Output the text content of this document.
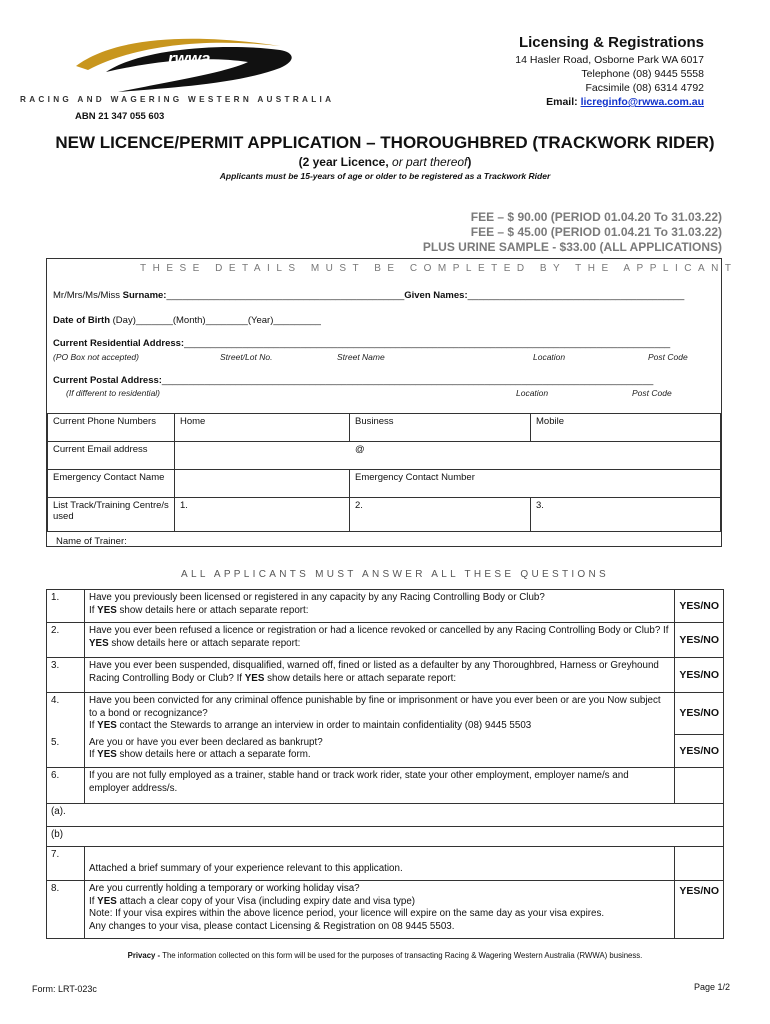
rwwa
RACING AND WAGERING WESTERN AUSTRALIA
ABN 21 347 055 603
Licensing & Registrations
14 Hasler Road, Osborne Park WA 6017
Telephone (08) 9445 5558
Facsimile (08) 6314 4792
Email: licreginfo@rwwa.com.au
NEW LICENCE/PERMIT APPLICATION – THOROUGHBRED (TRACKWORK RIDER)
(2 year Licence, or part thereof)
Applicants must be 15-years of age or older to be registered as a Trackwork Rider
FEE – $ 90.00 (PERIOD 01.04.20 To 31.03.22)
FEE – $ 45.00 (PERIOD 01.04.21 To 31.03.22)
PLUS URINE SAMPLE - $33.00 (ALL APPLICATIONS)
THESE DETAILS MUST BE COMPLETED BY THE APPLICANT
Mr/Mrs/Ms/Miss Surname:_____________________________________________Given Names:_________________________________________
Date of Birth (Day)_______(Month)________(Year)_________
Current Residential Address:____________________________________________________________________________________________
(PO Box not accepted)	Street/Lot No.	Street Name	Location	Post Code
Current Postal Address:_____________________________________________________________________________________________
(If different to residential)	Location	Post Code
Current Phone Numbers	Home	Business	Mobile
Current Email address	@		
Emergency Contact Name		Emergency Contact Number	
List Track/Training Centre/s used	1.	2.	3.
Name of Trainer:
ALL APPLICANTS MUST ANSWER ALL THESE QUESTIONS
1.	Have you previously been licensed or registered in any capacity by any Racing Controlling Body or Club?
If YES show details here or attach separate report:	YES/NO
2.	Have you ever been refused a licence or registration or had a licence revoked or cancelled by any Racing Controlling Body or Club? If YES show details here or attach separate report:	YES/NO
3.	Have you ever been suspended, disqualified, warned off, fined or listed as a defaulter by any Thoroughbred, Harness or Greyhound Racing Controlling Body or Club? If YES show details here or attach separate report:	YES/NO
4.	Have you been convicted for any criminal offence punishable by fine or imprisonment or have you ever been or are you Now subject to a bond or recognizance?
If YES contact the Stewards to arrange an interview in order to maintain confidentiality (08) 9445 5503	YES/NO
5.	Are you or have you ever been declared as bankrupt?
If YES show details here or attach a separate form.	YES/NO
6.	If you are not fully employed as a trainer, stable hand or track work rider, state your other employment, employer name/s and employer address/s.	
(a).		
(b)		
7.	Attached a brief summary of your experience relevant to this application.	
8.	Are you currently holding a temporary or working holiday visa?
If YES attach a clear copy of your Visa (including expiry date and visa type)
Note: If your visa expires within the above licence period, your licence will expire on the same day as your visa expires.
Any changes to your visa, please contact Licensing & Registration on 08 9445 5503.	YES/NO
Privacy - The information collected on this form will be used for the purposes of transacting Racing & Wagering Western Australia (RWWA) business.
Form: LRT-023c	Page 1/2
